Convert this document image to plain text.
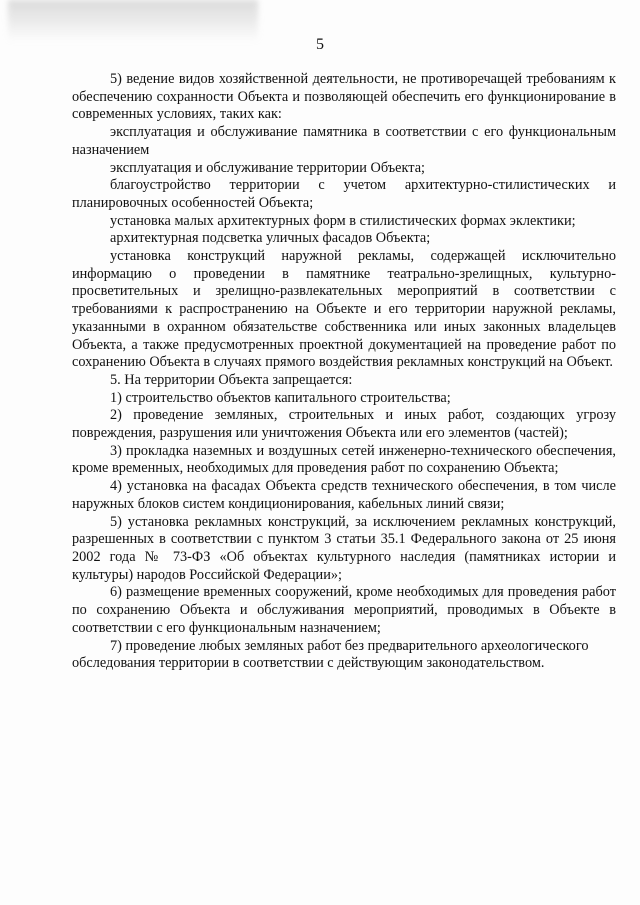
5

5) ведение видов хозяйственной деятельности, не противоречащей требованиям к обеспечению сохранности Объекта и позволяющей обеспечить его функционирование в современных условиях, таких как:

эксплуатация и обслуживание памятника в соответствии с его функциональным назначением

эксплуатация и обслуживание территории Объекта;

благоустройство территории с учетом архитектурно-стилистических и планировочных особенностей Объекта;

установка малых архитектурных форм в стилистических формах эклектики;

архитектурная подсветка уличных фасадов Объекта;

установка конструкций наружной рекламы, содержащей исключительно информацию о проведении в памятнике театрально-зрелищных, культурно-просветительных и зрелищно-развлекательных мероприятий в соответствии с требованиями к распространению на Объекте и его территории наружной рекламы, указанными в охранном обязательстве собственника или иных законных владельцев Объекта, а также предусмотренных проектной документацией на проведение работ по сохранению Объекта в случаях прямого воздействия рекламных конструкций на Объект.

5. На территории Объекта запрещается:

1) строительство объектов капитального строительства;

2) проведение земляных, строительных и иных работ, создающих угрозу повреждения, разрушения или уничтожения Объекта или его элементов (частей);

3) прокладка наземных и воздушных сетей инженерно-технического обеспечения, кроме временных, необходимых для проведения работ по сохранению Объекта;

4) установка на фасадах Объекта средств технического обеспечения, в том числе наружных блоков систем кондиционирования, кабельных линий связи;

5) установка рекламных конструкций, за исключением рекламных конструкций, разрешенных в соответствии с пунктом 3 статьи 35.1 Федерального закона от 25 июня 2002 года № 73-ФЗ «Об объектах культурного наследия (памятниках истории и культуры) народов Российской Федерации»;

6) размещение временных сооружений, кроме необходимых для проведения работ по сохранению Объекта и обслуживания мероприятий, проводимых в Объекте в соответствии с его функциональным назначением;

7) проведение любых земляных работ без предварительного археологического обследования территории в соответствии с действующим законодательством.
